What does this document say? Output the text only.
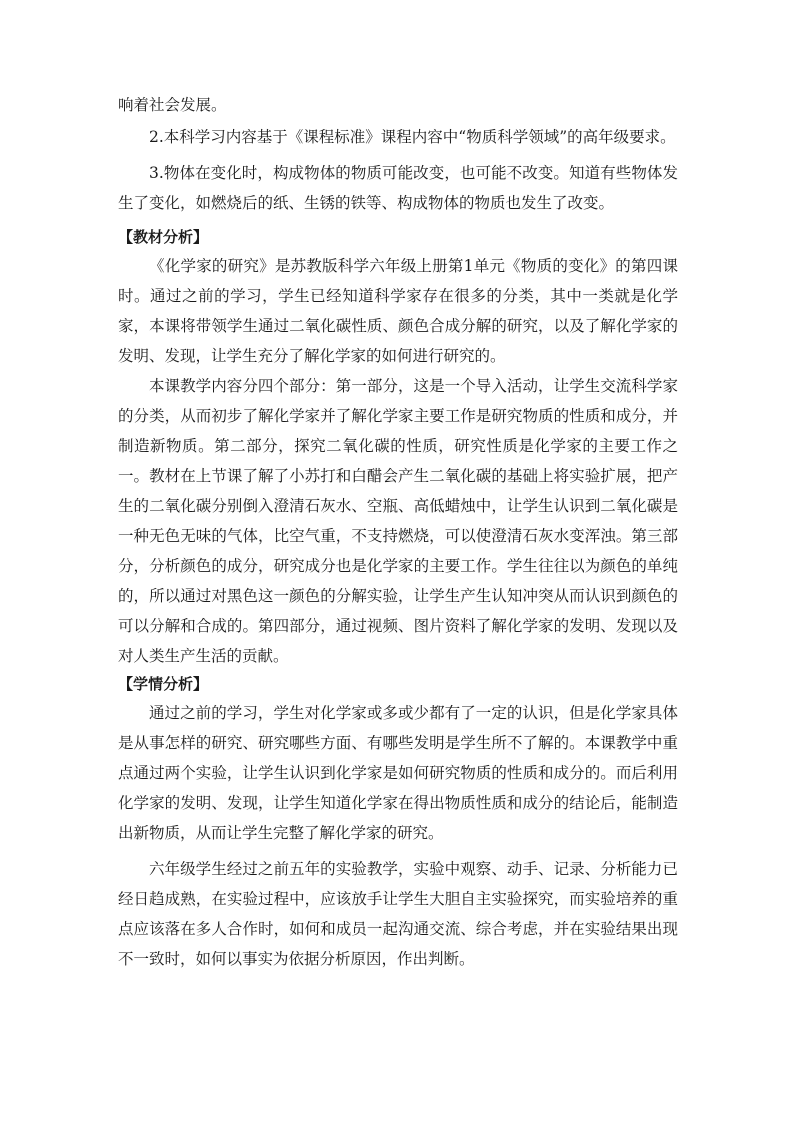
响着社会发展。

2.本科学习内容基于《课程标准》课程内容中“物质科学领域”的高年级要求。

3.物体在变化时，构成物体的物质可能改变，也可能不改变。知道有些物体发生了变化，如燃烧后的纸、生锈的铁等、构成物体的物质也发生了改变。

【教材分析】

《化学家的研究》是苏教版科学六年级上册第1单元《物质的变化》的第四课时。通过之前的学习，学生已经知道科学家存在很多的分类，其中一类就是化学家，本课将带领学生通过二氧化碳性质、颜色合成分解的研究，以及了解化学家的发明、发现，让学生充分了解化学家的如何进行研究的。

本课教学内容分四个部分：第一部分，这是一个导入活动，让学生交流科学家的分类，从而初步了解化学家并了解化学家主要工作是研究物质的性质和成分，并制造新物质。第二部分，探究二氧化碳的性质，研究性质是化学家的主要工作之一。教材在上节课了解了小苏打和白醋会产生二氧化碳的基础上将实验扩展，把产生的二氧化碳分别倒入澄清石灰水、空瓶、高低蜡烛中，让学生认识到二氧化碳是一种无色无味的气体，比空气重，不支持燃烧，可以使澄清石灰水变浑浊。第三部分，分析颜色的成分，研究成分也是化学家的主要工作。学生往往以为颜色的单纯的，所以通过对黑色这一颜色的分解实验，让学生产生认知冲突从而认识到颜色的可以分解和合成的。第四部分，通过视频、图片资料了解化学家的发明、发现以及对人类生产生活的贡献。

【学情分析】

通过之前的学习，学生对化学家或多或少都有了一定的认识，但是化学家具体是从事怎样的研究、研究哪些方面、有哪些发明是学生所不了解的。本课教学中重点通过两个实验，让学生认识到化学家是如何研究物质的性质和成分的。而后利用化学家的发明、发现，让学生知道化学家在得出物质性质和成分的结论后，能制造出新物质，从而让学生完整了解化学家的研究。

六年级学生经过之前五年的实验教学，实验中观察、动手、记录、分析能力已经日趋成熟，在实验过程中，应该放手让学生大胆自主实验探究，而实验培养的重点应该落在多人合作时，如何和成员一起沟通交流、综合考虑，并在实验结果出现不一致时，如何以事实为依据分析原因，作出判断。
